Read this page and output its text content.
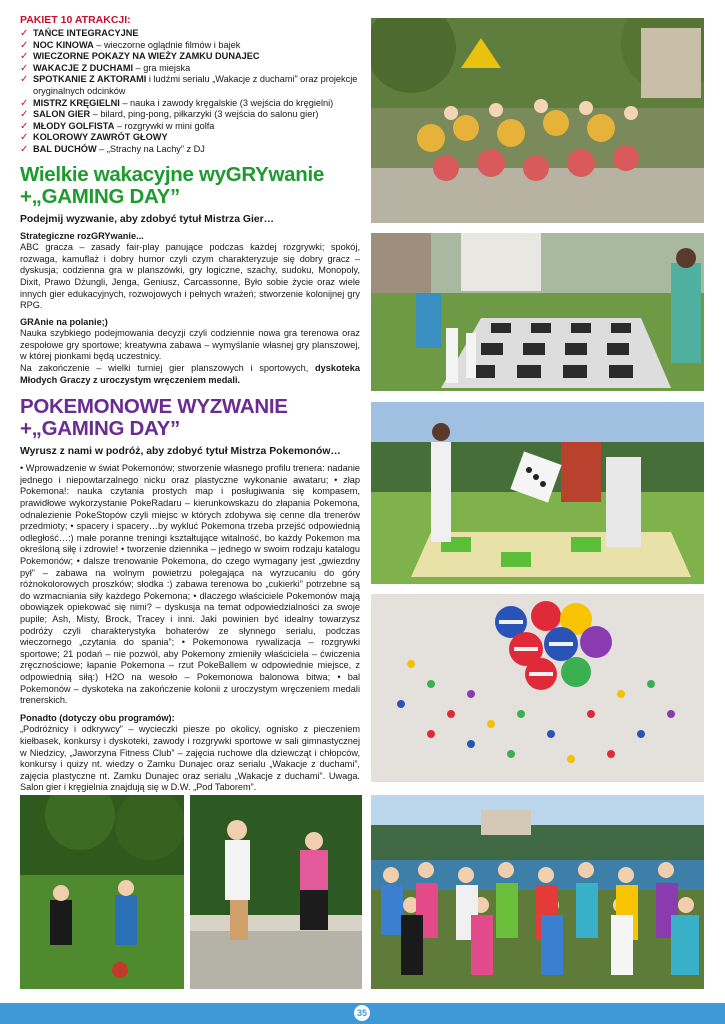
PAKIET 10 ATRAKCJI:
✓ TAŃCE INTEGRACYJNE
✓ NOC KINOWA – wieczorne oglądnie filmów i bajek
✓ WIECZORNE POKAZY NA WIEŻY ZAMKU DUNAJEC
✓ WAKACJE Z DUCHAMI – gra miejska
✓ SPOTKANIE Z AKTORAMI i ludźmi serialu „Wakacje z duchami” oraz projekcje oryginalnych odcinków
✓ MISTRZ KRĘGIELNI – nauka i zawody kręgalskie (3 wejścia do kręgielni)
✓ SALON GIER – bilard, ping-pong, piłkarzyki (3 wejścia do salonu gier)
✓ MŁODY GOLFISTA – rozgrywki w mini golfa
✓ KOLOROWY ZAWRÓT GŁOWY
✓ BAL DUCHÓW – „Strachy na Lachy” z DJ
Wielkie wakacyjne wyGRYwanie
+„GAMING DAY”
Podejmij wyzwanie, aby zdobyć tytuł Mistrza Gier…
Strategiczne rozGRYwanie...

ABC gracza – zasady fair-play panujące podczas każdej rozgrywki; spokój, rozwaga, kamuflaż i dobry humor czyli czym charakteryzuje się dobry gracz – dyskusja; codzienna gra w planszówki, gry logiczne, szachy, sudoku, Monopoly, Dixit, Prawo Dżungli, Jenga, Geniusz, Carcassonne, Było sobie życie oraz wiele innych gier edukacyjnych, rozwojowych i pełnych wrażeń; stworzenie kolonijnej gry RPG.

GRAnie na polanie;)

Nauka szybkiego podejmowania decyzji czyli codziennie nowa gra terenowa oraz zespołowe gry sportowe; kreatywna zabawa – wymyślanie własnej gry planszowej, w której pionkami będą uczestnicy.

Na zakończenie – wielki turniej gier planszowych i sportowych, dyskoteka Młodych Graczy z uroczystym wręczeniem medali.

POKEMONOWE WYZWANIE
+„GAMING DAY”
Wyrusz z nami w podróż, aby zdobyć tytuł Mistrza Pokemonów…

• Wprowadzenie w świat Pokemonów; stworzenie własnego profilu trenera: nadanie jednego i niepowtarzalnego nicku oraz plastyczne wykonanie awataru; • złap Pokemona!: nauka czytania prostych map i posługiwania się kompasem, prawidłowe wykorzystanie PokeRadaru – kierunkowskazu do złapania Pokemona, odnalezienie PokeStopów czyli miejsc w których zdobywa się cenne dla trenerów przedmioty; • spacery i spacery…by wykluć Pokemona trzeba przejść odpowiednią odległość…:) małe poranne treningi kształtujące witalność, bo każdy Pokemon ma określoną siłę i zdrowie! • tworzenie dziennika – jednego w swoim rodzaju katalogu Pokemonów; • dalsze trenowanie Pokemona, do czego wymagany jest „gwiezdny pył” – zabawa na wolnym powietrzu polegająca na wyrzucaniu do góry różnokolorowych proszków; słodka :) zabawa terenowa bo „cukierki” potrzebne są do wzmacniania siły każdego Pokemona; • dlaczego właściciele Pokemonów mają obowiązek opiekować się nimi? – dyskusja na temat odpowiedzialności za swoje pupile; Ash, Misty, Brock, Tracey i inni. Jaki powinien być idealny towarzysz podróży czyli charakterystyka bohaterów ze słynnego serialu, podczas wieczornego „czytania do spania”; • Pokemonowa rywalizacja – rozgrywki sportowe; 21 podań – nie pozwól, aby Pokemony zmieniły właściciela – ćwiczenia zręcznościowe; łapanie Pokemona – rzut PokeBallem w odpowiednie miejsce, z odpowiednią siłą:) H2O na wesoło – Pokemonowa balonowa bitwa; • bal Pokemonów – dyskoteka na zakończenie kolonii z uroczystym wręczeniem medali trenerskich.

Ponadto (dotyczy obu programów):

„Podróżnicy i odkrywcy” – wycieczki piesze po okolicy, ognisko z pieczeniem kiełbasek, konkursy i dyskoteki, zawody i rozgrywki sportowe w sali gimnastycznej w Niedzicy, „Jaworzyna Fitness Club” – zajęcia ruchowe dla dziewcząt i chłopców, konkursy i quizy nt. wiedzy o Zamku Dunajec oraz serialu „Wakacje z duchami”, zajęcia plastyczne nt. Zamku Dunajec oraz serialu „Wakacje z duchami”. Uwaga. Salon gier i kręgielnia znajdują się w D.W. „Pod Taborem”.

35
